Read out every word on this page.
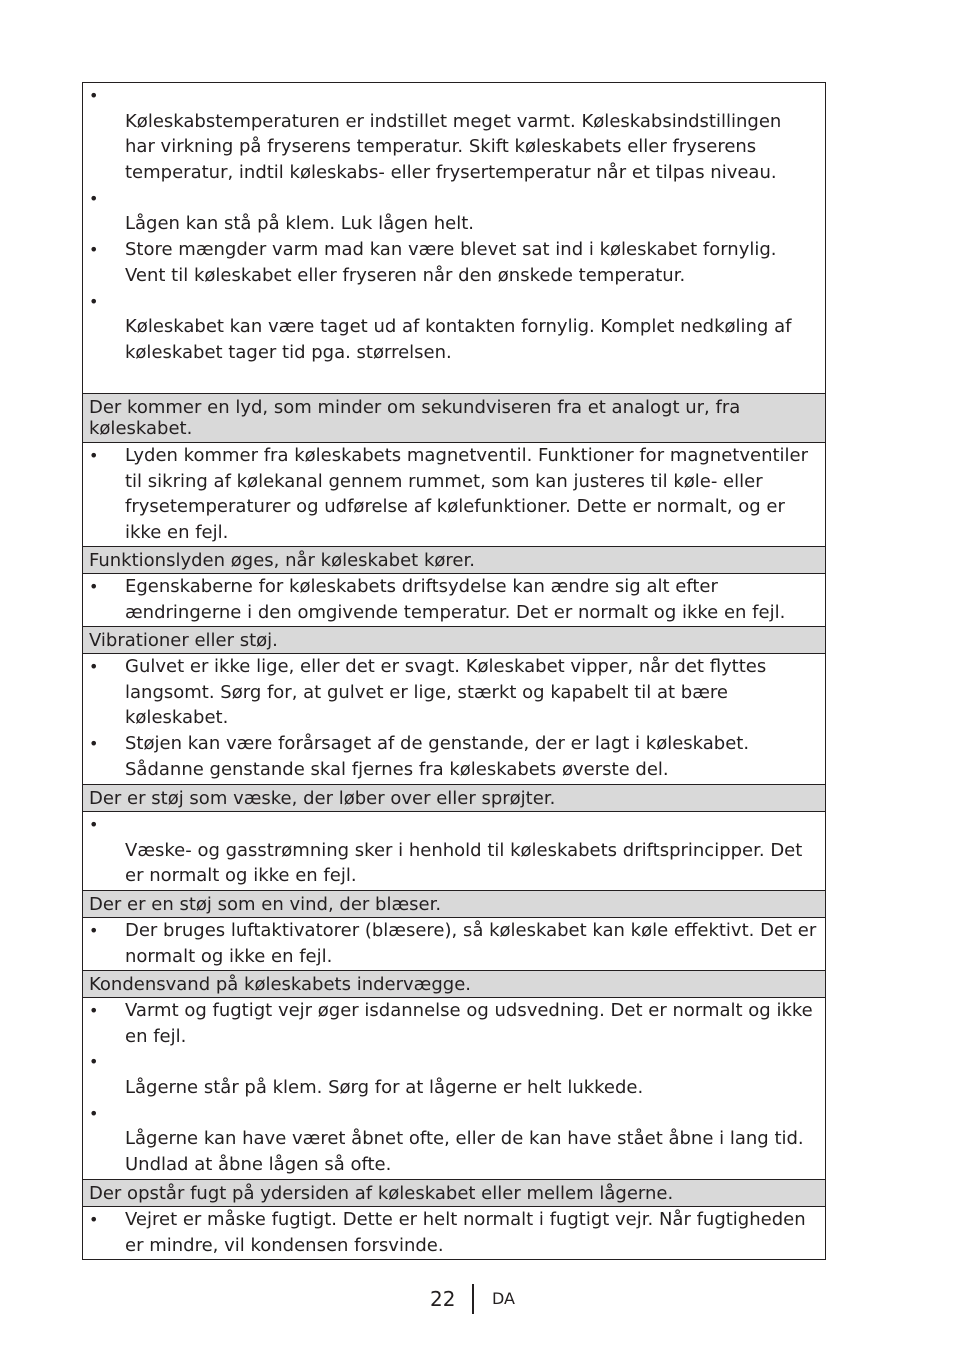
•
Køleskabstemperaturen er indstillet meget varmt. Køleskabsindstillingen
har virkning på fryserens temperatur. Skift køleskabets eller fryserens
temperatur, indtil køleskabs- eller frysertemperatur når et tilpas niveau.
•
Lågen kan stå på klem. Luk lågen helt.
• Store mængder varm mad kan være blevet sat ind i køleskabet fornylig.
Vent til køleskabet eller fryseren når den ønskede temperatur.
•
Køleskabet kan være taget ud af kontakten fornylig. Komplet nedkøling af
køleskabet tager tid pga. størrelsen.
Der kommer en lyd, som minder om sekundviseren fra et analogt ur, fra
køleskabet.
• Lyden kommer fra køleskabets magnetventil. Funktioner for magnetventiler
til sikring af kølekanal gennem rummet, som kan justeres til køle- eller
frysetemperaturer og udførelse af kølefunktioner. Dette er normalt, og er
ikke en fejl.
Funktionslyden øges, når køleskabet kører.
• Egenskaberne for køleskabets driftsydelse kan ændre sig alt efter
ændringerne i den omgivende temperatur. Det er normalt og ikke en fejl.
Vibrationer eller støj.
• Gulvet er ikke lige, eller det er svagt. Køleskabet vipper, når det flyttes
langsomt. Sørg for, at gulvet er lige, stærkt og kapabelt til at bære
køleskabet.
• Støjen kan være forårsaget af de genstande, der er lagt i køleskabet.
Sådanne genstande skal fjernes fra køleskabets øverste del.
Der er støj som væske, der løber over eller sprøjter.
•
Væske- og gasstrømning sker i henhold til køleskabets driftsprincipper. Det
er normalt og ikke en fejl.
Der er en støj som en vind, der blæser.
• Der bruges luftaktivatorer (blæsere), så køleskabet kan køle effektivt. Det er
normalt og ikke en fejl.
Kondensvand på køleskabets indervægge.
• Varmt og fugtigt vejr øger isdannelse og udsvedning. Det er normalt og ikke
en fejl.
•
Lågerne står på klem. Sørg for at lågerne er helt lukkede.
•
Lågerne kan have været åbnet ofte, eller de kan have stået åbne i lang tid.
Undlad at åbne lågen så ofte.
Der opstår fugt på ydersiden af køleskabet eller mellem lågerne.
• Vejret er måske fugtigt. Dette er helt normalt i fugtigt vejr. Når fugtigheden
er mindre, vil kondensen forsvinde.
22 DA
